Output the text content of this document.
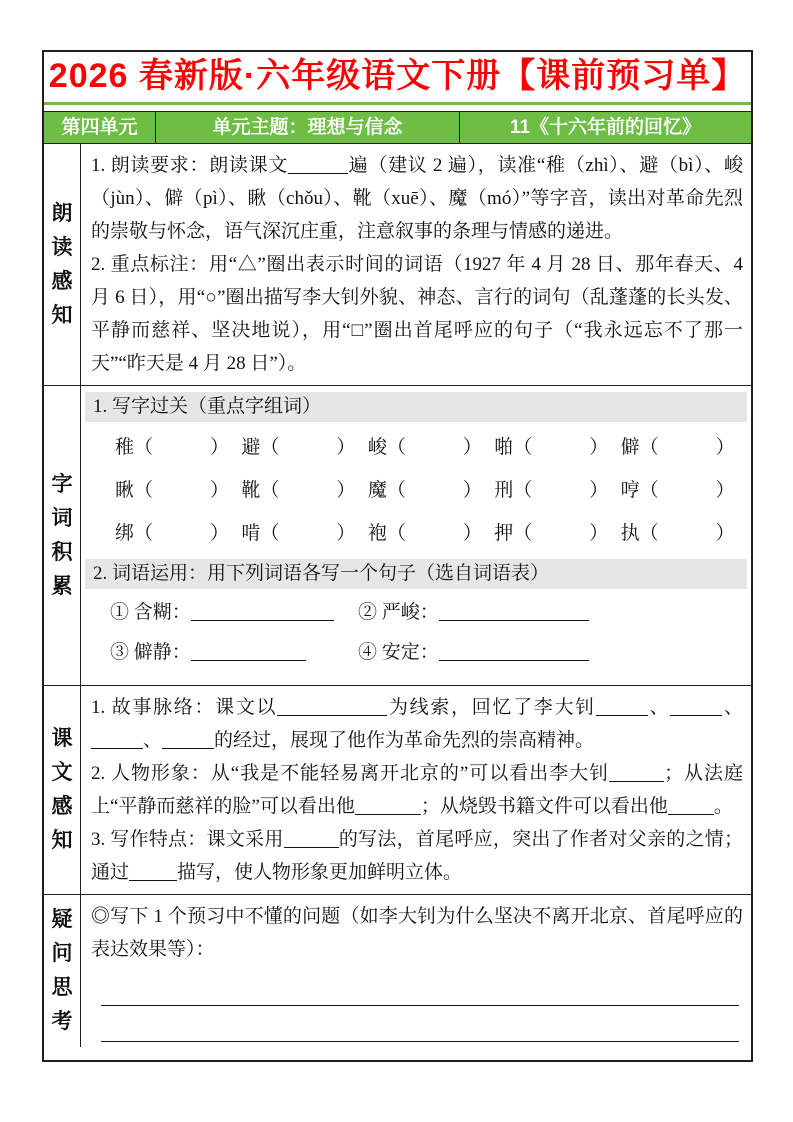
2026 春新版·六年级语文下册【课前预习单】
第四单元	单元主题：理想与信念	11《十六年前的回忆》
朗读感知

1. 朗读要求：朗读课文	遍（建议 2 遍），读准“稚（zhì）、避（bì）、峻（jùn）、僻（pì）、瞅（chǒu）、靴（xuē）、魔（mó）”等字音，读出对革命先烈的崇敬与怀念，语气深沉庄重，注意叙事的条理与情感的递进。

2. 重点标注：用“△”圈出表示时间的词语（1927 年 4 月 28 日、那年春天、4 月 6 日），用“○”圈出描写李大钊外貌、神态、言行的词句（乱蓬蓬的长头发、平静而慈祥、坚决地说），用“□”圈出首尾呼应的句子（“我永远忘不了那一天”“昨天是 4 月 28 日”）。

字词积累
1. 写字过关（重点字组词）
稚（　　　） 避（　　　） 峻（　　　） 啪（　　　） 僻（　　　）
瞅（　　　） 靴（　　　） 魔（　　　） 刑（　　　） 哼（　　　）
绑（　　　） 啃（　　　） 袍（　　　） 押（　　　） 执（　　　）
2. 词语运用：用下列词语各写一个句子（选自词语表）
① 含糊：	② 严峻：
③ 僻静：	④ 安定：
课文感知

1. 故事脉络：课文以	为线索，回忆了李大钊	、	、、	的经过，展现了他作为革命先烈的崇高精神。

2. 人物形象：从“我是不能轻易离开北京的”可以看出李大钊	；从法庭上“平静而慈祥的脸”可以看出他	；从烧毁书籍文件可以看出他 。

3. 写作特点：课文采用	的写法，首尾呼应，突出了作者对父亲的之情；通过	描写，使人物形象更加鲜明立体。

疑问思考

◎写下 1 个预习中不懂的问题（如李大钊为什么坚决不离开北京、首尾呼应的表达效果等）：
